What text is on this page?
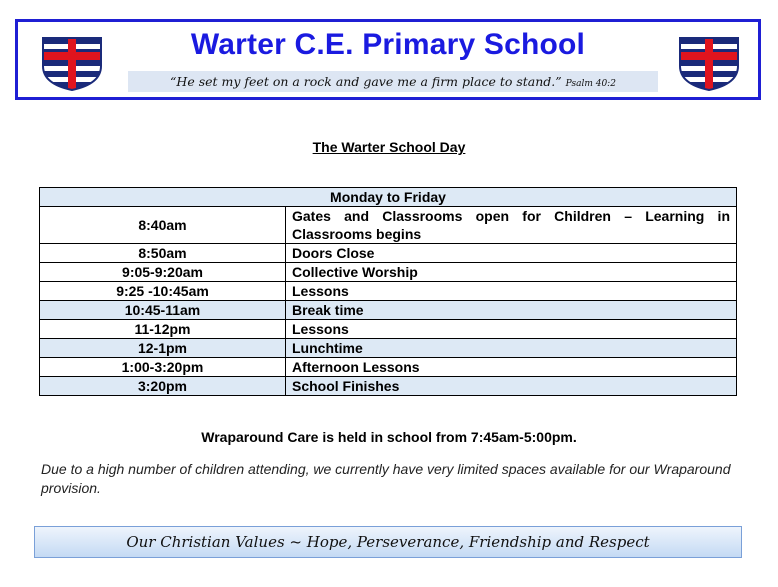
Warter C.E. Primary School
“He set my feet on a rock and gave me a firm place to stand.” Psalm 40:2
The Warter School Day
Monday to Friday	
8:40am	Gates and Classrooms open for Children – Learning in Classrooms begins
8:50am	Doors Close
9:05-9:20am	Collective Worship
9:25 -10:45am	Lessons
10:45-11am	Break time
11-12pm	Lessons
12-1pm	Lunchtime
1:00-3:20pm	Afternoon Lessons
3:20pm	School Finishes
Wraparound Care is held in school from 7:45am-5:00pm.
Due to a high number of children attending, we currently have very limited spaces available for our Wraparound provision.
Our Christian Values ~ Hope, Perseverance, Friendship and Respect
